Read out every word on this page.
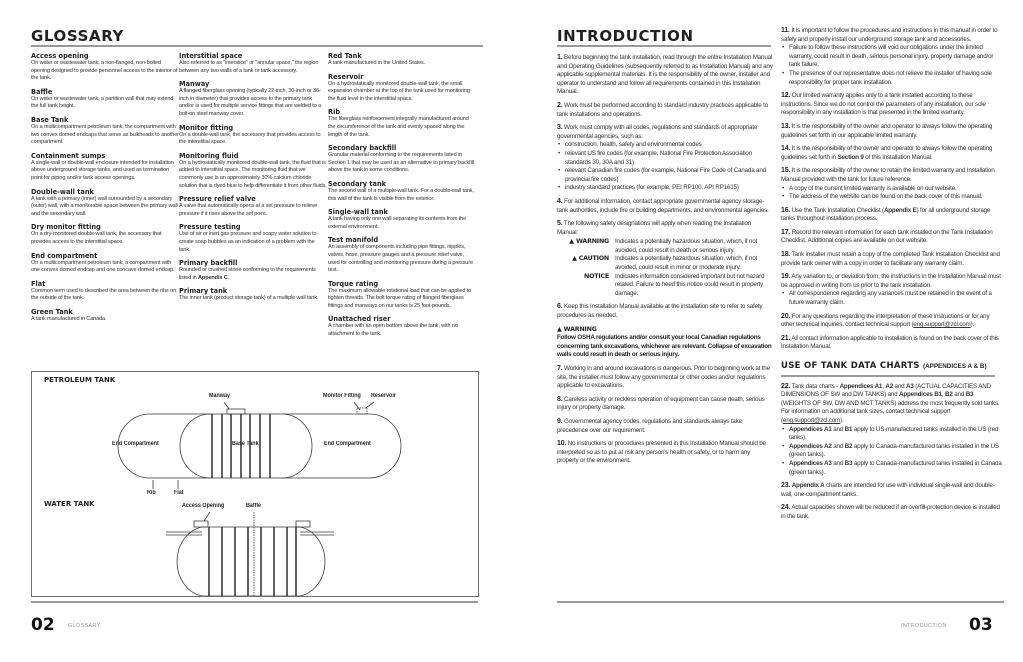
GLOSSARY
Access opening

On water or wastewater tank, a non-flanged, non-bolted opening designed to provide personnel access to the interior of the tank.

Baffle

On water or wastewater tank, a partition wall that may extend the full tank height.

Base Tank

On a multicompartment petroleum tank, the compartment with two convex domed endcaps that serve as bulkheads to another compartment.

Containment sumps

A single-wall or double-wall enclosure intended for installation above underground storage tanks, and used as termination point for piping and/or tank access openings.

Double-wall tank

A tank with a primary (inner) wall surrounded by a secondary (outer) wall, with a monitorable space between the primary wall and the secondary wall.

Dry monitor fitting

On a dry-monitored double-wall tank, the accessory that provides access to the interstitial space.

End compartment

On a multicompartment petroleum tank, a compartment with one convex domed endcap and one concave domed endcap.

Flat

Common term used to described the area between the ribs on the outside of the tank.

Green Tank

A tank manufactured in Canada.

Interstitial space

Also referred to as "interstice" or "annular space," the region between any two walls of a tank or tank accessory.

Manway

A flanged fiberglass opening (typically 22-inch, 30-inch or 36-inch in diameter) that provides access to the primary tank and/or is used for multiple service fittings that are welded to a bolt-on steel manway cover.

Monitor fitting

On a double-wall tank, the accessory that provides access to the interstitial space.

Monitoring fluid

On a hydrostatically monitored double-wall tank, the fluid that is added to interstitial space. The monitoring fluid that we commonly use is an approximately 30% calcium chloride solution that is dyed blue to help differentiate it from other fluids.

Pressure relief valve

A valve that automatically opens at a set pressure to relieve pressure if it rises above the set point.

Pressure testing

Use of air or inert gas pressure and soapy water solution to create soap bubbles as an indication of a problem with the tank.

Primary backfill

Rounded or crushed stone conforming to the requirements listed in Appendix C.

Primary tank

The inner tank (product storage tank) of a multiple wall tank.

Red Tank

A tank manufactured in the United States.

Reservoir

On a hydrostatically monitored double-wall tank, the small expansion chamber at the top of the tank used for monitoring the fluid level in the interstitial space.

Rib

The fiberglass reinforcement integrally manufactured around the circumference of the tank and evenly spaced along the length of the tank.

Secondary backfill

Granular material conforming to the requirements listed in Section 1 that may be used as an alternative to primary backfill above the tank in some conditions.

Secondary tank

The second wall of a multiple-wall tank. For a double-wall tank, this wall of the tank is visible from the exterior.

Single-wall tank

A tank having only one wall separating its contents from the external environment.

Test manifold

An assembly of components including pipe fittings, nipples, valves, hose, pressure gauges and a pressure relief valve, used for controlling and monitoring pressure during a pressure test.

Torque rating

The maximum allowable rotational load that can be applied to tighten threads. The bolt torque rating of flanged fiberglass fittings and manways on our tanks is 25 foot-pounds.

Unattached riser

A chamber with an open bottom above the tank, with no attachment to the tank.

PETROLEUM TANK
WATER TANK
Manway	Monitor Fitting Reservoir
End Compartment	Base Tank	End Compartment
Rib	Flat
Access Opening	Baffle
02 GLOSSARY
INTRODUCTION

1. Before beginning the tank installation, read through the entire Installation Manual and Operating Guidelines (subsequently referred to as Installation Manual) and any applicable supplemental materials. It is the responsibility of the owner, installer and operator to understand and follow all requirements contained in this Installation Manual.

2. Work must be performed according to standard industry practices applicable to tank installations and operations.

3. Work must comply with all codes, regulations and standards of appropriate governmental agencies, such as:
• construction, health, safety and environmental codes
• relevant US fire codes (for example, National Fire Protection Association standards 30, 30A and 31)
• relevant Canadian fire codes (for example, National Fire Code of Canada and provincial fire codes)
• industry standard practices (for example, PEI RP100, API RP1615)

4. For additional information, contact appropriate governmental agency storage-tank authorities, include fire or building departments, and environmental agencies.

5. The following safety designations will apply when reading the Installation Manual:

▲ WARNING Indicates a potentially hazardous situation, which, if not avoided, could result in death or serious injury.
▲ CAUTION Indicates a potentially hazardous situation, which, if not avoided, could result in minor or moderate injury.
NOTICE Indicates information considered important but not hazard related. Failure to heed this notice could result in property damage.

6. Keep this Installation Manual available at the installation site to refer to safety procedures as needed.

▲ WARNING
Follow OSHA regulations and/or consult your local Canadian regulations concerning tank excavations, whichever are relevant. Collapse of excavation walls could result in death or serious injury.

7. Working in and around excavations is dangerous. Prior to beginning work at the site, the installer must follow any governmental or other codes and/or regulations applicable to excavations.

8. Careless activity or reckless operation of equipment can cause death, serious injury or property damage.

9. Governmental agency codes, regulations and standards always take precedence over our requirement.

10. No instructions or procedures presented in this Installation Manual should be interpreted so as to put at risk any person's health or safety, or to harm any property or the environment.

11. It is important to follow the procedures and instructions in this manual in order to safely and properly install our underground storage tank and accessories.
• Failure to follow these instructions will void our obligations under the limited warranty, could result in death, serious personal injury, property damage and/or tank failure.
• The presence of our representative does not relieve the installer of having sole responsibility for proper tank installation.

12. Our limited warranty applies only to a tank installed according to these instructions. Since we do not control the parameters of any installation, our sole responsibility in any installation is that presented in the limited warranty.

13. It is the responsibility of the owner and operator to always follow the operating guidelines set forth in our applicable limited warranty.

14. It is the responsibility of the owner and operator to always follow the operating guidelines set forth in Section 9 of this Installation Manual.

15. It is the responsibility of the owner to retain the limited warranty and Installation Manual provided with the tank for future reference.
• A copy of the current limited warranty is available on our website.
• The address of the website can be found on the back cover of this manual.

16. Use the Tank Installation Checklist (Appendix E) for all underground storage tanks throughout installation process.

17. Record the relevant information for each tank installed on the Tank Installation Checklist. Additional copies are available on our website.

18. Tank installer must retain a copy of the completed Tank Installation Checklist and provide tank owner with a copy in order to facilitate any warranty claim.

19. Any variation to, or deviation from, the instructions in the Installation Manual must be approved in writing from us prior to the tank installation.
• All correspondence regarding any variances must be retained in the event of a future warranty claim.

20. For any questions regarding the interpretation of these instructions or for any other technical inquiries, contact technical support (eng.support@zcl.com).

21. All contact information applicable to installation is found on the back cover of this Installation Manual.

USE OF TANK DATA CHARTS (APPENDICES A & B)
22. Tank data charts - Appendices A1, A2 and A3 (ACTUAL CAPACITIES AND DIMENSIONS OF SW and DW TANKS) and Appendices B1, B2 and B3 (WEIGHTS OF SW, DW AND MCT TANKS) address the most frequently sold tanks. For information on additional tank sizes, contact technical support (eng.support@zcl.com).
• Appendices A1 and B1 apply to US-manufactured tanks installed in the US (red tanks).
• Appendices A2 and B2 apply to Canada-manufactured tanks installed in the US (green tanks).
• Appendices A3 and B3 apply to Canada-manufactured tanks installed in Canada (green tanks).

23. Appendix A charts are intended for use with individual single-wall and double-wall, one-compartment tanks.

24. Actual capacities shown will be reduced if an overfill-protection device is installed in the tank.

INTRODUCTION 03
